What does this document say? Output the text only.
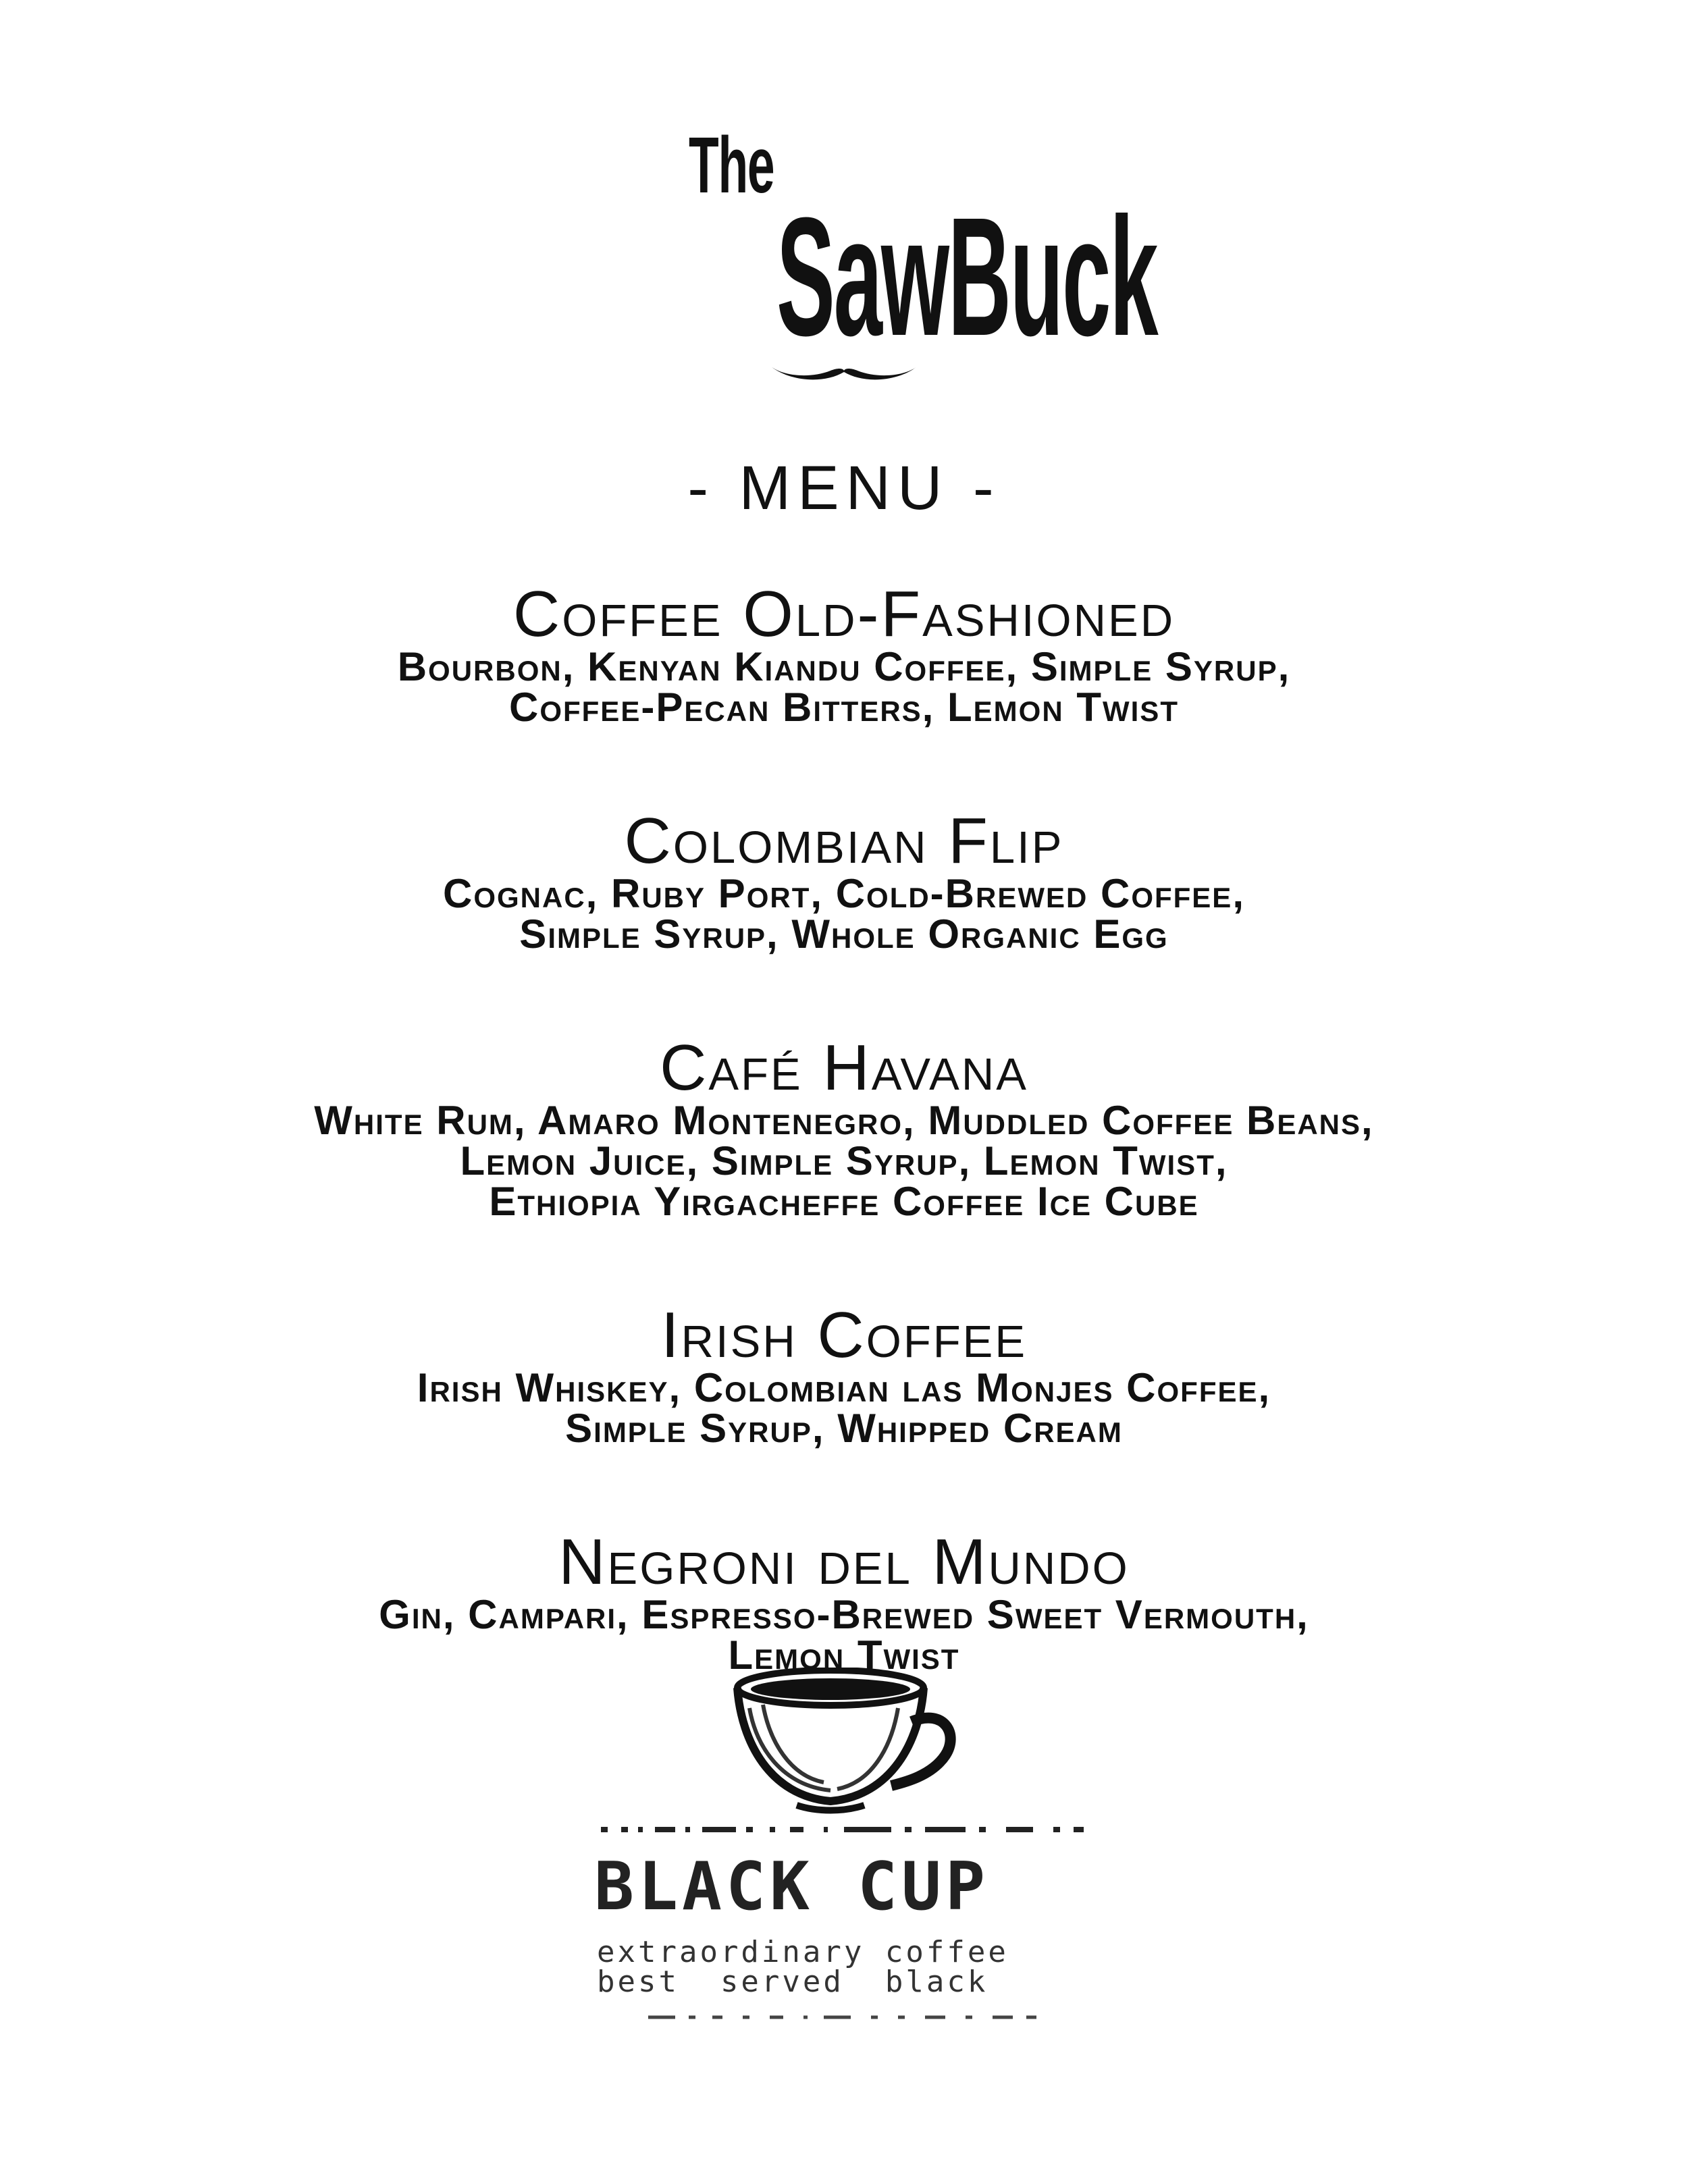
The
SawBuck
- MENU -
Coffee Old-Fashioned
Bourbon, Kenyan Kiandu Coffee, Simple Syrup,
Coffee-Pecan Bitters, Lemon Twist
Colombian Flip
Cognac, Ruby Port, Cold-Brewed Coffee,
Simple Syrup, Whole Organic Egg
Café Havana
White Rum, Amaro Montenegro, Muddled Coffee Beans,
Lemon Juice, Simple Syrup, Lemon Twist,
Ethiopia Yirgacheffe Coffee Ice Cube
Irish Coffee
Irish Whiskey, Colombian las Monjes Coffee,
Simple Syrup, Whipped Cream
Negroni del Mundo
Gin, Campari, Espresso-Brewed Sweet Vermouth,
Lemon Twist
BLACK CUP
extraordinary coffee
best  served  black
